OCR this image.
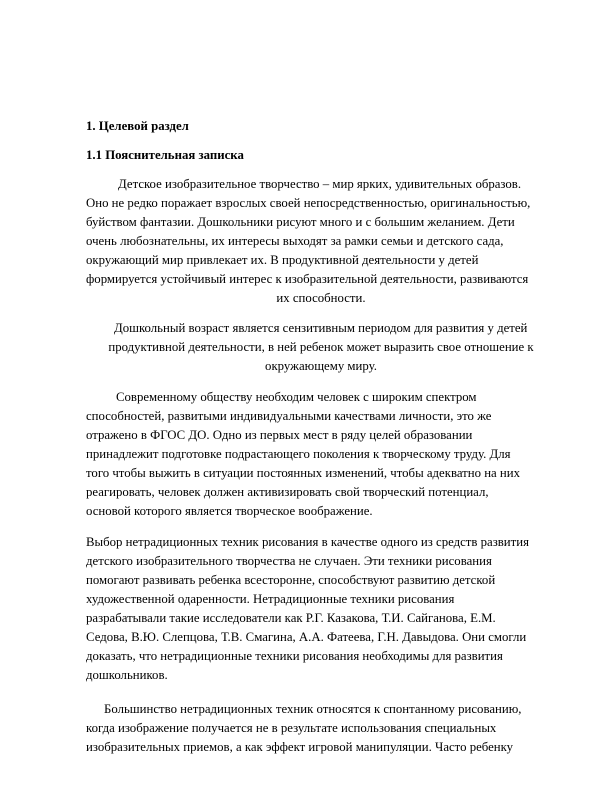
1. Целевой раздел
1.1 Пояснительная записка
Детское изобразительное творчество – мир ярких, удивительных образов.
Оно не редко поражает взрослых своей непосредственностью, оригинальностью,
буйством фантазии. Дошкольники рисуют много и с большим желанием. Дети
очень любознательны, их интересы выходят за рамки семьи и детского сада,
окружающий мир привлекает их. В продуктивной деятельности у детей
формируется устойчивый интерес к изобразительной деятельности, развиваются
их способности.
Дошкольный возраст является сензитивным периодом для развития у детей
продуктивной деятельности, в ней ребенок может выразить свое отношение к
окружающему миру.
Современному обществу необходим человек с широким спектром
способностей, развитыми индивидуальными качествами личности, это же
отражено в ФГОС ДО. Одно из первых мест в ряду целей образовании
принадлежит подготовке подрастающего поколения к творческому труду. Для
того чтобы выжить в ситуации постоянных изменений, чтобы адекватно на них
реагировать, человек должен активизировать свой творческий потенциал,
основой которого является творческое воображение.
Выбор нетрадиционных техник рисования в качестве одного из средств развития
детского изобразительного творчества не случаен. Эти техники рисования
помогают развивать ребенка всесторонне, способствуют развитию детской
художественной одаренности. Нетрадиционные техники рисования
разрабатывали такие исследователи как Р.Г. Казакова, Т.И. Сайганова, Е.М.
Седова, В.Ю. Слепцова, Т.В. Смагина, А.А. Фатеева, Г.Н. Давыдова. Они смогли
доказать, что нетрадиционные техники рисования необходимы для развития
дошкольников.
Большинство нетрадиционных техник относятся к спонтанному рисованию,
когда изображение получается не в результате использования специальных
изобразительных приемов, а как эффект игровой манипуляции. Часто ребенку
